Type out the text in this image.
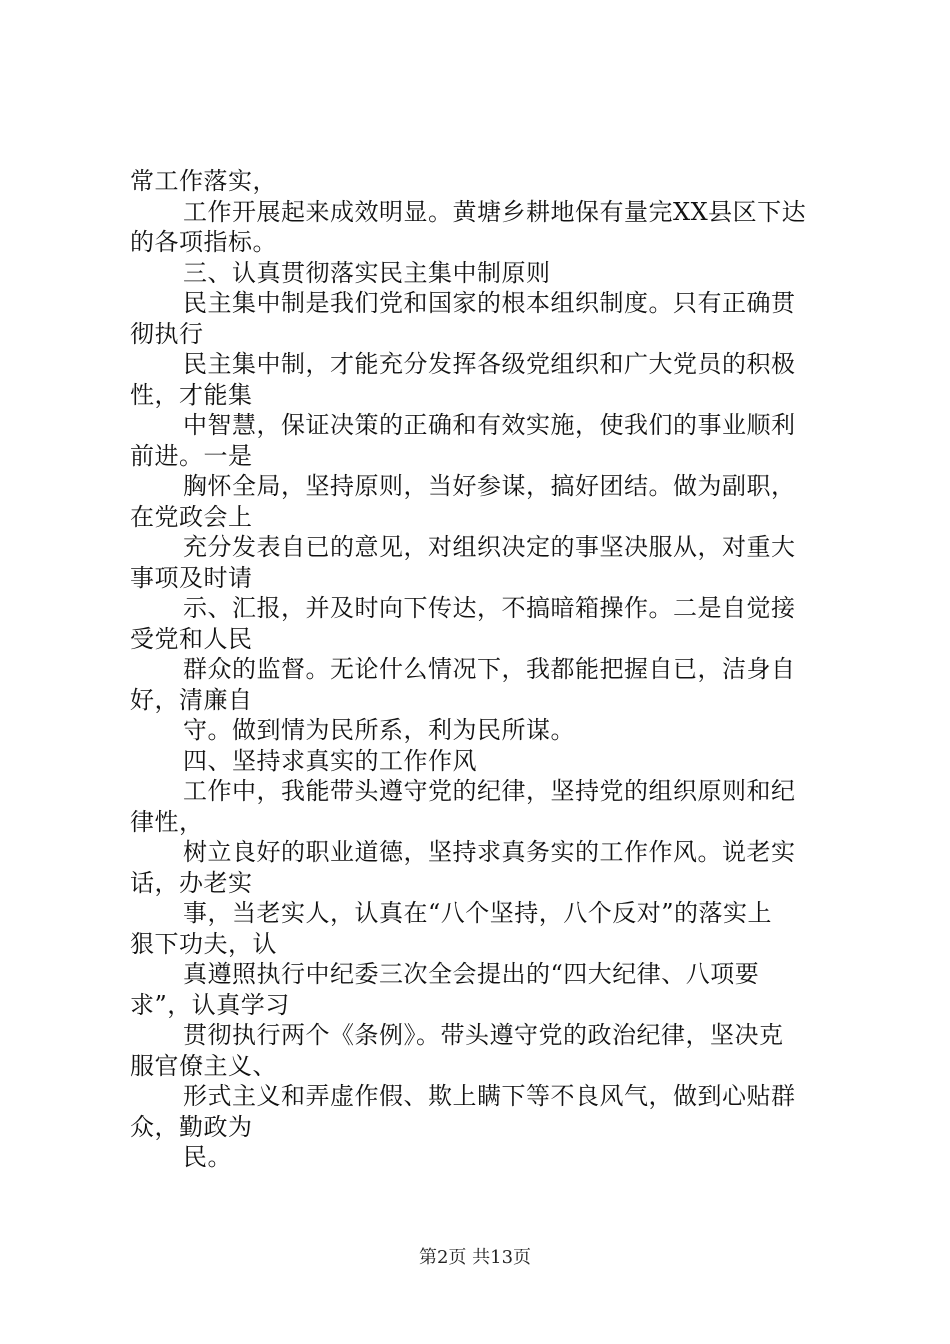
常工作落实，
工作开展起来成效明显。黄塘乡耕地保有量完XX县区下达
的各项指标。
三、认真贯彻落实民主集中制原则
民主集中制是我们党和国家的根本组织制度。只有正确贯
彻执行
民主集中制，才能充分发挥各级党组织和广大党员的积极
性，才能集
中智慧，保证决策的正确和有效实施，使我们的事业顺利
前进。一是
胸怀全局，坚持原则，当好参谋，搞好团结。做为副职，
在党政会上
充分发表自已的意见，对组织决定的事坚决服从，对重大
事项及时请
示、汇报，并及时向下传达，不搞暗箱操作。二是自觉接
受党和人民
群众的监督。无论什么情况下，我都能把握自已，洁身自
好，清廉自
守。做到情为民所系，利为民所谋。
四、坚持求真实的工作作风
工作中，我能带头遵守党的纪律，坚持党的组织原则和纪
律性，
树立良好的职业道德，坚持求真务实的工作作风。说老实
话，办老实
事，当老实人，认真在“八个坚持，八个反对”的落实上
狠下功夫，认
真遵照执行中纪委三次全会提出的“四大纪律、八项要
求”，认真学习
贯彻执行两个《条例》。带头遵守党的政治纪律，坚决克
服官僚主义、
形式主义和弄虚作假、欺上瞒下等不良风气，做到心贴群
众，勤政为
民。
第2页 共13页
